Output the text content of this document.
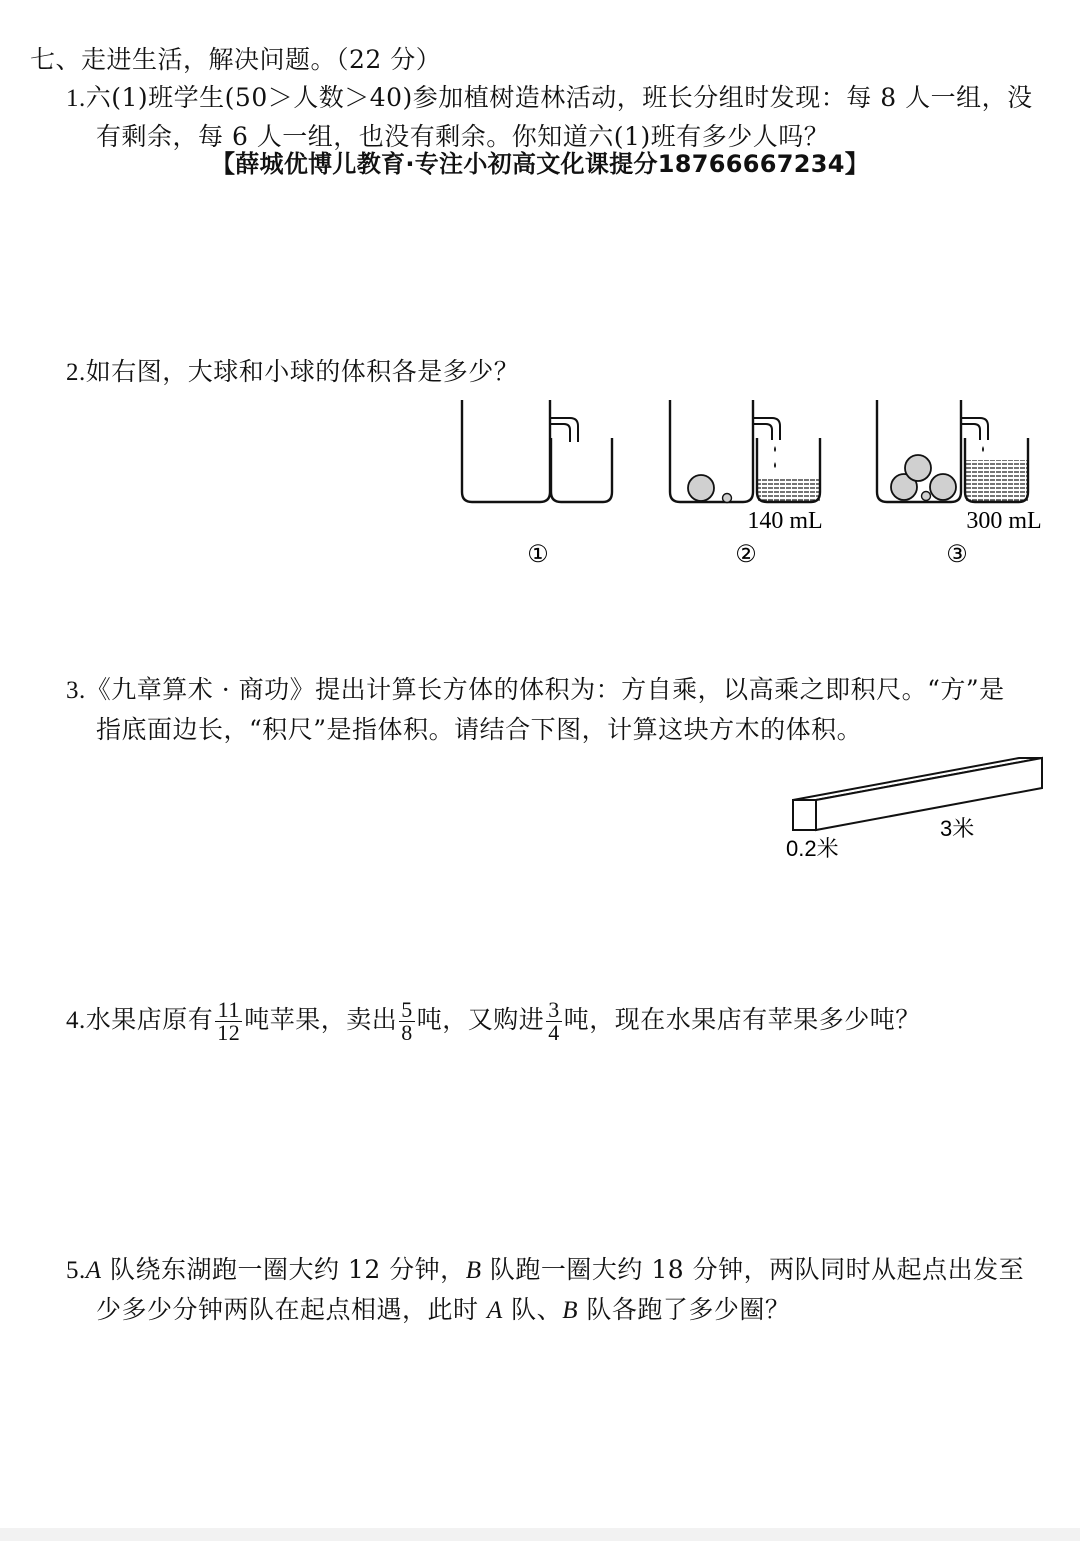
七、走进生活，解决问题。（22 分）
1.六(1)班学生(50＞人数＞40)参加植树造林活动，班长分组时发现：每 8 人一组，没
有剩余，每 6 人一组，也没有剩余。你知道六(1)班有多少人吗？
【薛城优博儿教育·专注小初高文化课提分18766667234】
2.如右图，大球和小球的体积各是多少？
140 mL
②
300 mL
③
①
3.《九章算术 · 商功》提出计算长方体的体积为：方自乘，以高乘之即积尺。“方”是
指底面边长，“积尺”是指体积。请结合下图，计算这块方木的体积。
0.2米
3米
4.水果店原有 $\frac{11}{12}$ 吨苹果，卖出 $\frac{5}{8}$ 吨，又购进 $\frac{3}{4}$ 吨，现在水果店有苹果多少吨？
5.A 队绕东湖跑一圈大约 12 分钟，B 队跑一圈大约 18 分钟，两队同时从起点出发至
少多少分钟两队在起点相遇，此时 A 队、B 队各跑了多少圈？
